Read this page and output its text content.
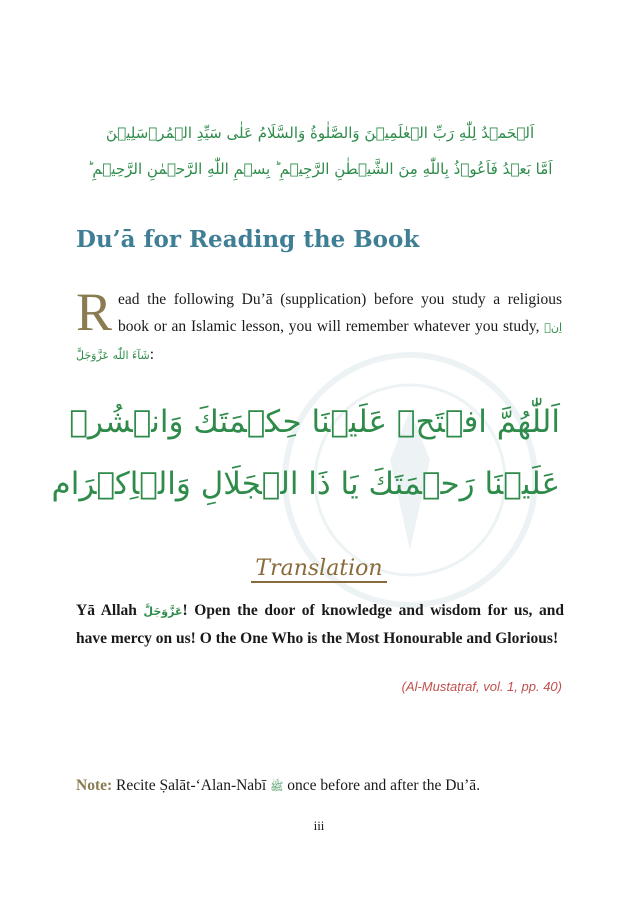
اَلۡحَمۡدُ لِلّٰهِ رَبِّ الۡعٰلَمِيۡنَ وَالصَّلٰوةُ وَالسَّلَامُ عَلٰى سَيِّدِ الۡمُرۡسَلِيۡنَ
اَمَّا بَعۡدُ فَاَعُوۡذُ بِاللّٰهِ مِنَ الشَّيۡطٰنِ الرَّجِيۡمِ ؕ بِسۡمِ اللّٰهِ الرَّحۡمٰنِ الرَّحِيۡمِ ؕ
Du’ā for Reading the Book
Read the following Du’ā (supplication) before you study a religious book or an Islamic lesson, you will remember whatever you study, اِنۡ شَآءَ اللّٰه عَزَّوَجَلَّ:
اَللّٰهُمَّ افۡتَحۡ عَلَيۡنَا حِكۡمَتَكَ وَانۡشُرۡ
عَلَيۡنَا رَحۡمَتَكَ يَا ذَا الۡجَلَالِ وَالۡاِكۡرَام
Translation
Yā Allah عَزَّوَجَلَّ! Open the door of knowledge and wisdom for us, and have mercy on us! O the One Who is the Most Honourable and Glorious!
(Al-Mustaṭraf, vol. 1, pp. 40)
Note: Recite Ṣalāt-‘Alan-Nabī ﷺ once before and after the Du’ā.
iii
